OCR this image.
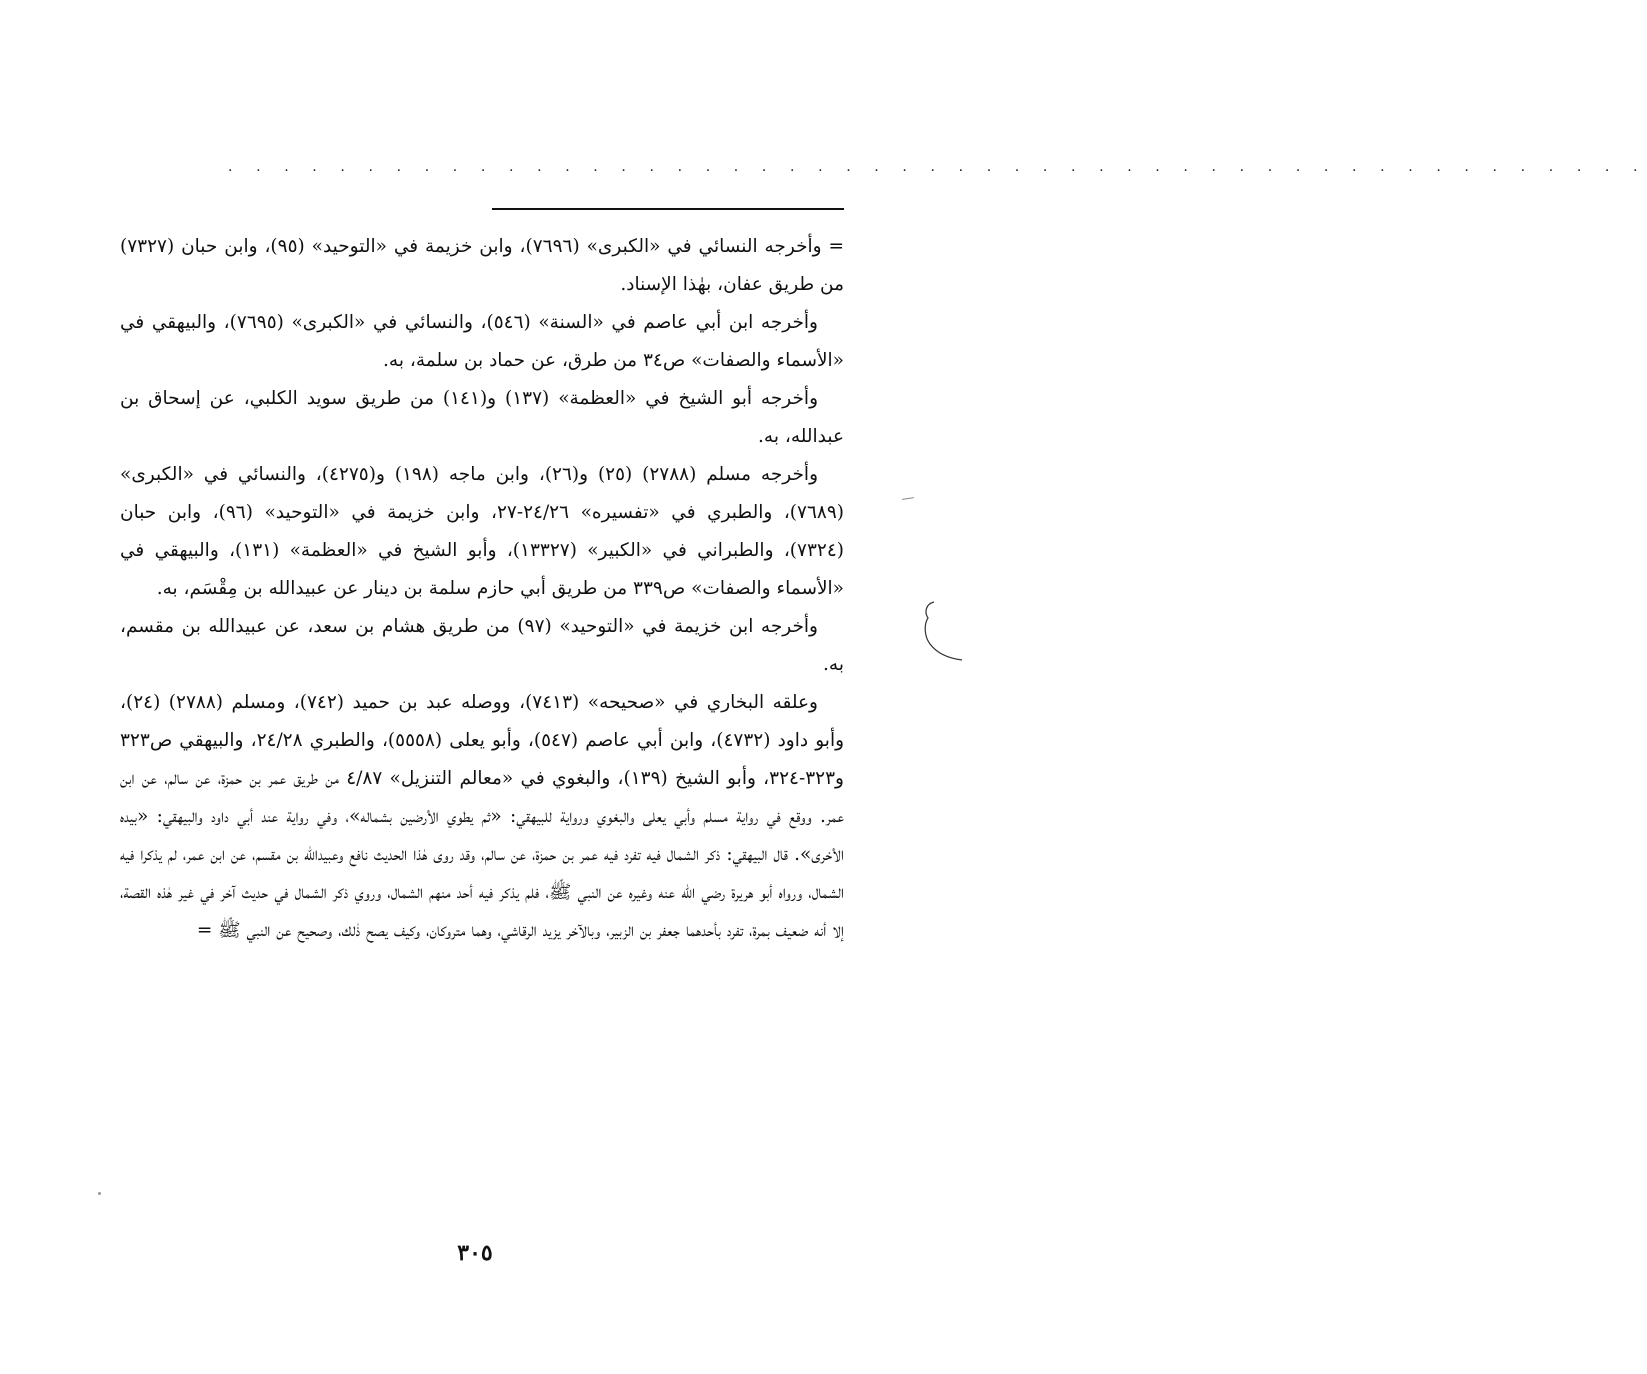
. . . . . . . . . . . . . . . . . . . . . . . . . . . . . . . . . . . . . . . . . . . . . . . . . . .

= وأخرجه النسائي في «الكبرى» (٧٦٩٦)، وابن خزيمة في «التوحيد» (٩٥)، وابن حبان (٧٣٢٧) من طريق عفان، بهٰذا الإسناد.

وأخرجه ابن أبي عاصم في «السنة» (٥٤٦)، والنسائي في «الكبرى» (٧٦٩٥)، والبيهقي في «الأسماء والصفات» ص٣٤ من طرق، عن حماد بن سلمة، به.

وأخرجه أبو الشيخ في «العظمة» (١٣٧) و(١٤١) من طريق سويد الكلبي، عن إسحاق بن عبدالله، به.

وأخرجه مسلم (٢٧٨٨) (٢٥) و(٢٦)، وابن ماجه (١٩٨) و(٤٢٧٥)، والنسائي في «الكبرى» (٧٦٨٩)، والطبري في «تفسيره» ٢٤/٢٦-٢٧، وابن خزيمة في «التوحيد» (٩٦)، وابن حبان (٧٣٢٤)، والطبراني في «الكبير» (١٣٣٢٧)، وأبو الشيخ في «العظمة» (١٣١)، والبيهقي في «الأسماء والصفات» ص٣٣٩ من طريق أبي حازم سلمة بن دينار عن عبيدالله بن مِقْسَم، به.

وأخرجه ابن خزيمة في «التوحيد» (٩٧) من طريق هشام بن سعد، عن عبيدالله بن مقسم، به.

وعلقه البخاري في «صحيحه» (٧٤١٣)، ووصله عبد بن حميد (٧٤٢)، ومسلم (٢٧٨٨) (٢٤)، وأبو داود (٤٧٣٢)، وابن أبي عاصم (٥٤٧)، وأبو يعلى (٥٥٥٨)، والطبري ٢٤/٢٨، والبيهقي ص٣٢٣ و٣٢٣-٣٢٤، وأبو الشيخ (١٣٩)، والبغوي في «معالم التنزيل» ٤/٨٧ من طريق عمر بن حمزة، عن سالم، عن ابن عمر. ووقع في رواية مسلم وأبي يعلى والبغوي ورواية للبيهقي: «ثم يطوي الأرضين بشماله»، وفي رواية عند أبي داود والبيهقي: «بيده الأخرى». قال البيهقي: ذكر الشمال فيه تفرد فيه عمر بن حمزة، عن سالم، وقد روى هٰذا الحديث نافع وعبيدالله بن مقسم، عن ابن عمر، لم يذكرا فيه الشمال، ورواه أبو هريرة رضي الله عنه وغيره عن النبي ﷺ، فلم يذكر فيه أحد منهم الشمال، وروي ذكر الشمال في حديث آخر في غير هٰذه القصة، إلا أنه ضعيف بمرة، تفرد بأحدهما جعفر بن الزبير، وبالآخر يزيد الرقاشي، وهما متروكان، وكيف يصح ذٰلك، وصحيح عن النبي ﷺ =

٣٠٥
